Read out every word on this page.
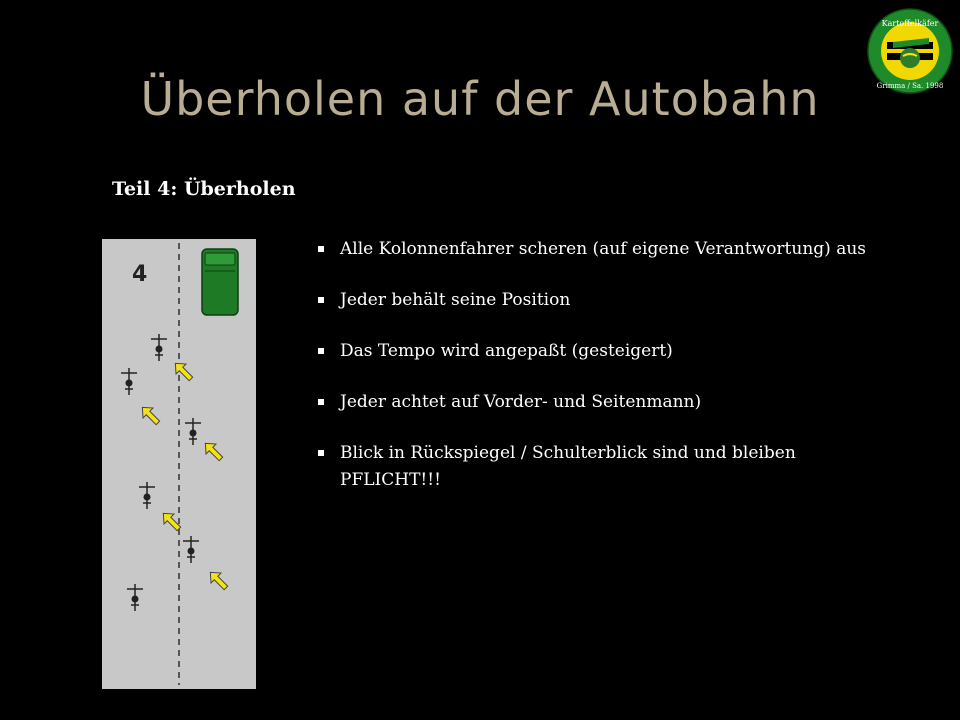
Kartoffelkäfer
Grimma / Sa. 1998
Überholen auf der Autobahn
Teil 4: Überholen
4
Alle Kolonnenfahrer scheren (auf eigene Verantwortung) aus
Jeder behält seine Position
Das Tempo wird angepaßt (gesteigert)
Jeder achtet auf Vorder- und Seitenmann)
Blick in Rückspiegel / Schulterblick sind und bleiben PFLICHT!!!
